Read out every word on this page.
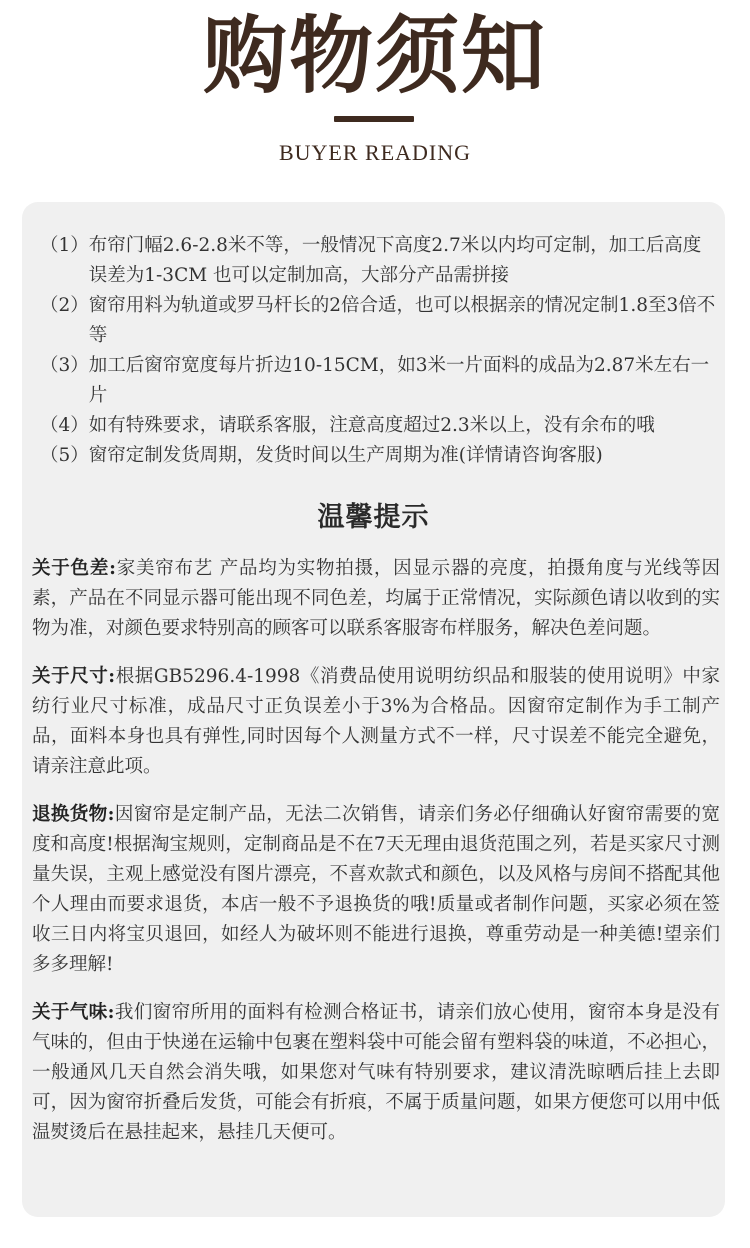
购物须知
BUYER READING
（1） 布帘门幅2.6-2.8米不等，一般情况下高度2.7米以内均可定制，加工后高度误差为1-3CM 也可以定制加高，大部分产品需拼接
（2） 窗帘用料为轨道或罗马杆长的2倍合适，也可以根据亲的情况定制1.8至3倍不等
（3） 加工后窗帘宽度每片折边10-15CM，如3米一片面料的成品为2.87米左右一片
（4） 如有特殊要求，请联系客服，注意高度超过2.3米以上，没有余布的哦
（5） 窗帘定制发货周期，发货时间以生产周期为准(详情请咨询客服)
温馨提示

关于色差:家美帘布艺 产品均为实物拍摄，因显示器的亮度，拍摄角度与光线等因素，产品在不同显示器可能出现不同色差，均属于正常情况，实际颜色请以收到的实物为准，对颜色要求特别高的顾客可以联系客服寄布样服务，解决色差问题。

关于尺寸:根据GB5296.4-1998《消费品使用说明纺织品和服装的使用说明》中家纺行业尺寸标准，成品尺寸正负误差小于3%为合格品。因窗帘定制作为手工制产品，面料本身也具有弹性,同时因每个人测量方式不一样，尺寸误差不能完全避免，请亲注意此项。

退换货物:因窗帘是定制产品，无法二次销售，请亲们务必仔细确认好窗帘需要的宽度和高度!根据淘宝规则，定制商品是不在7天无理由退货范围之列，若是买家尺寸测量失误，主观上感觉没有图片漂亮，不喜欢款式和颜色，以及风格与房间不搭配其他个人理由而要求退货，本店一般不予退换货的哦!质量或者制作问题，买家必须在签收三日内将宝贝退回，如经人为破坏则不能进行退换，尊重劳动是一种美德!望亲们多多理解!

关于气味:我们窗帘所用的面料有检测合格证书，请亲们放心使用，窗帘本身是没有气味的，但由于快递在运输中包裹在塑料袋中可能会留有塑料袋的味道，不必担心，一般通风几天自然会消失哦，如果您对气味有特别要求，建议清洗晾晒后挂上去即可，因为窗帘折叠后发货，可能会有折痕，不属于质量问题，如果方便您可以用中低温熨烫后在悬挂起来，悬挂几天便可。
